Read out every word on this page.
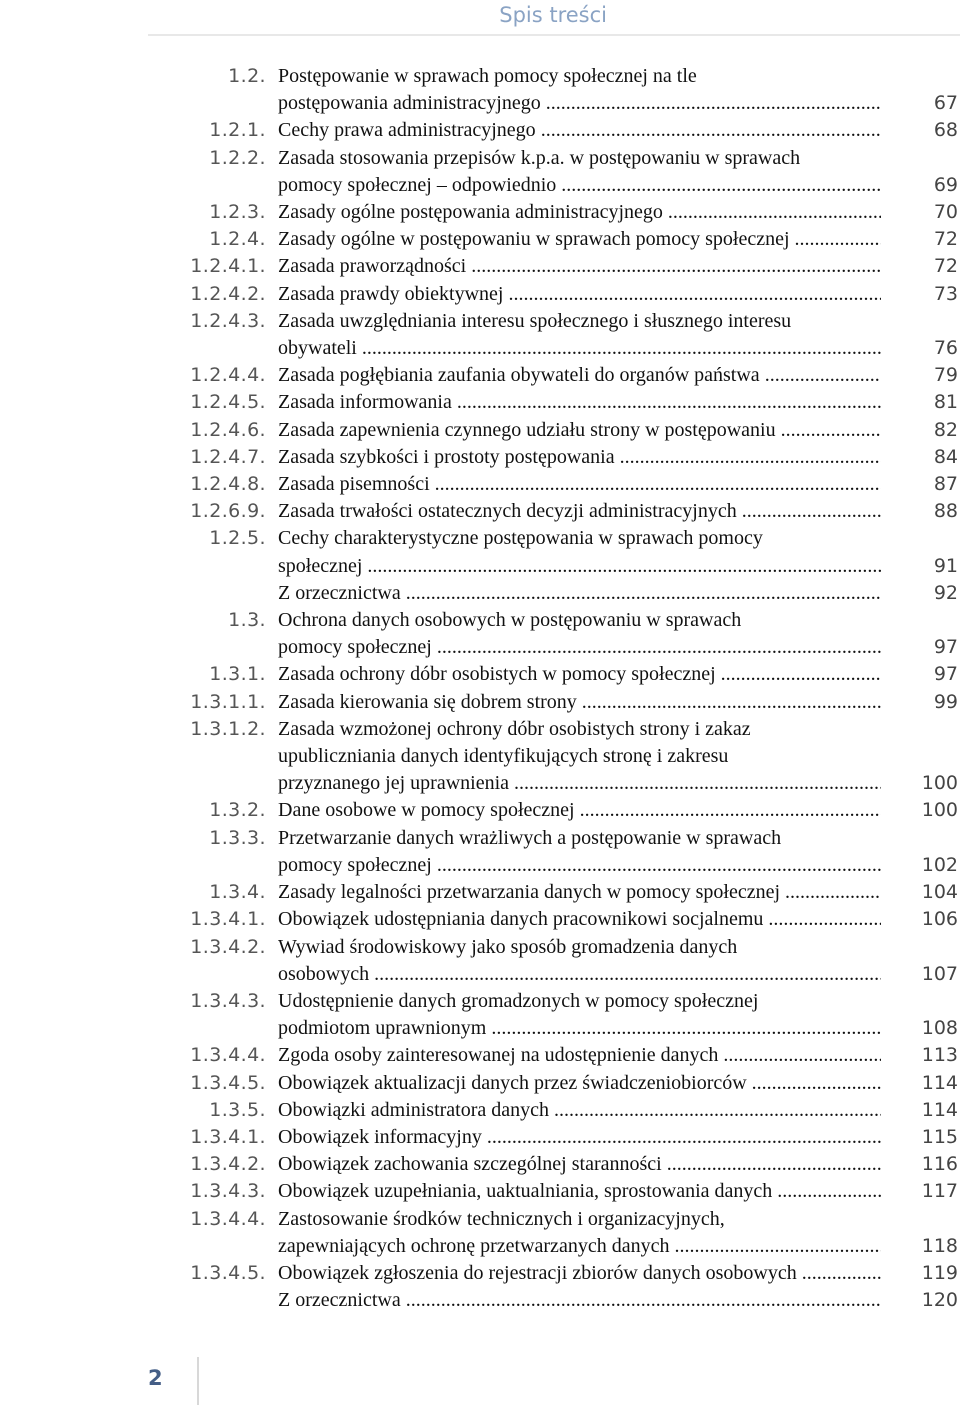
Spis treści
1.2. Postępowanie w sprawach pomocy społecznej na tle
postępowania administracyjnego .....	67
1.2.1. Cechy prawa administracyjnego .....	68
1.2.2. Zasada stosowania przepisów k.p.a. w postępowaniu w sprawach
pomocy społecznej – odpowiednio .....	69
1.2.3. Zasady ogólne postępowania administracyjnego .....	70
1.2.4. Zasady ogólne w postępowaniu w sprawach pomocy społecznej .....	72
1.2.4.1. Zasada praworządności .....	72
1.2.4.2. Zasada prawdy obiektywnej .....	73
1.2.4.3. Zasada uwzględniania interesu społecznego i słusznego interesu
obywateli .....	76
1.2.4.4. Zasada pogłębiania zaufania obywateli do organów państwa .....	79
1.2.4.5. Zasada informowania .....	81
1.2.4.6. Zasada zapewnienia czynnego udziału strony w postępowaniu .....	82
1.2.4.7. Zasada szybkości i prostoty postępowania .....	84
1.2.4.8. Zasada pisemności .....	87
1.2.6.9. Zasada trwałości ostatecznych decyzji administracyjnych .....	88
1.2.5. Cechy charakterystyczne postępowania w sprawach pomocy
społecznej .....	91
Z orzecznictwa .....	92
1.3. Ochrona danych osobowych w postępowaniu w sprawach
pomocy społecznej .....	97
1.3.1. Zasada ochrony dóbr osobistych w pomocy społecznej .....	97
1.3.1.1. Zasada kierowania się dobrem strony .....	99
1.3.1.2. Zasada wzmożonej ochrony dóbr osobistych strony i zakaz
upubliczniania danych identyfikujących stronę i zakresu
przyznanego jej uprawnienia .....	100
1.3.2. Dane osobowe w pomocy społecznej .....	100
1.3.3. Przetwarzanie danych wrażliwych a postępowanie w sprawach
pomocy społecznej .....	102
1.3.4. Zasady legalności przetwarzania danych w pomocy społecznej .....	104
1.3.4.1. Obowiązek udostępniania danych pracownikowi socjalnemu .....	106
1.3.4.2. Wywiad środowiskowy jako sposób gromadzenia danych
osobowych .....	107
1.3.4.3. Udostępnienie danych gromadzonych w pomocy społecznej
podmiotom uprawnionym .....	108
1.3.4.4. Zgoda osoby zainteresowanej na udostępnienie danych .....	113
1.3.4.5. Obowiązek aktualizacji danych przez świadczeniobiorców .....	114
1.3.5. Obowiązki administratora danych .....	114
1.3.4.1. Obowiązek informacyjny .....	115
1.3.4.2. Obowiązek zachowania szczególnej staranności .....	116
1.3.4.3. Obowiązek uzupełniania, uaktualniania, sprostowania danych .....	117
1.3.4.4. Zastosowanie środków technicznych i organizacyjnych,
zapewniających ochronę przetwarzanych danych .....	118
1.3.4.5. Obowiązek zgłoszenia do rejestracji zbiorów danych osobowych .....	119
Z orzecznictwa .....	120
2
